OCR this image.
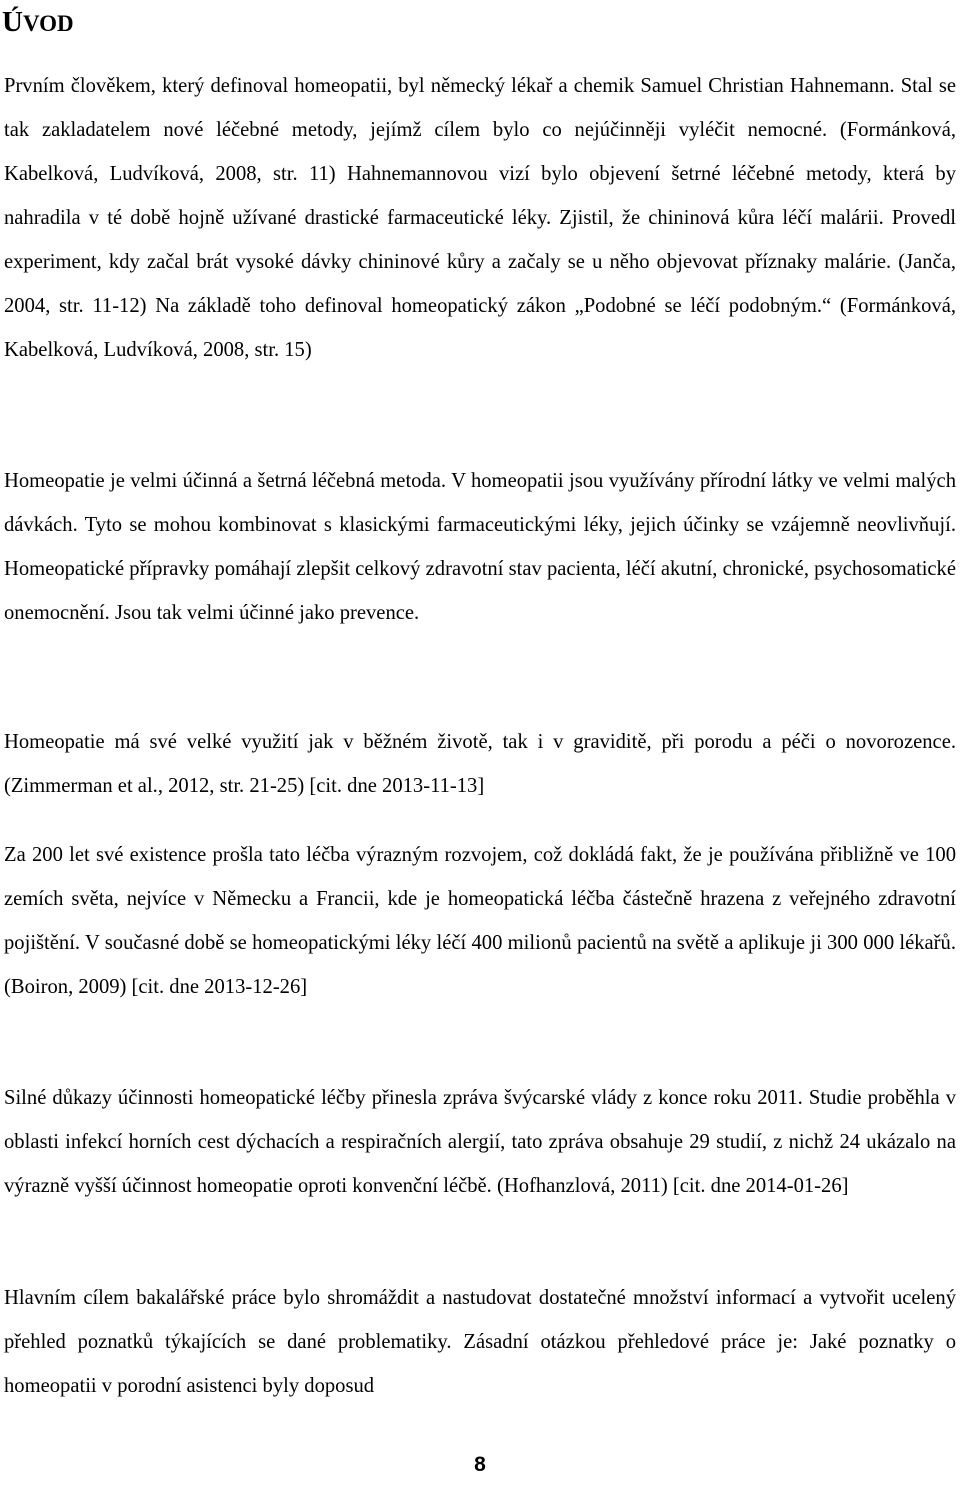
ÚVOD

Prvním člověkem, který definoval homeopatii, byl německý lékař a chemik Samuel Christian Hahnemann. Stal se tak zakladatelem nové léčebné metody, jejímž cílem bylo co nejúčinněji vyléčit nemocné. (Formánková, Kabelková, Ludvíková, 2008, str. 11) Hahnemannovou vizí bylo objevení šetrné léčebné metody, která by nahradila v té době hojně užívané drastické farmaceutické léky. Zjistil, že chininová kůra léčí malárii. Provedl experiment, kdy začal brát vysoké dávky chininové kůry a začaly se u něho objevovat příznaky malárie. (Janča, 2004, str. 11-12) Na základě toho definoval homeopatický zákon „Podobné se léčí podobným.“ (Formánková, Kabelková, Ludvíková, 2008, str. 15)

Homeopatie je velmi účinná a šetrná léčebná metoda. V homeopatii jsou využívány přírodní látky ve velmi malých dávkách. Tyto se mohou kombinovat s klasickými farmaceutickými léky, jejich účinky se vzájemně neovlivňují. Homeopatické přípravky pomáhají zlepšit celkový zdravotní stav pacienta, léčí akutní, chronické, psychosomatické onemocnění. Jsou tak velmi účinné jako prevence.

Homeopatie má své velké využití jak v běžném životě, tak i v graviditě, při porodu a péči o novorozence. (Zimmerman et al., 2012, str. 21-25) [cit. dne 2013-11-13]

Za 200 let své existence prošla tato léčba výrazným rozvojem, což dokládá fakt, že je používána přibližně ve 100 zemích světa, nejvíce v Německu a Francii, kde je homeopatická léčba částečně hrazena z veřejného zdravotní pojištění. V současné době se homeopatickými léky léčí 400 milionů pacientů na světě a aplikuje ji 300 000 lékařů. (Boiron, 2009) [cit. dne 2013-12-26]

Silné důkazy účinnosti homeopatické léčby přinesla zpráva švýcarské vlády z konce roku 2011. Studie proběhla v oblasti infekcí horních cest dýchacích a respiračních alergií, tato zpráva obsahuje 29 studií, z nichž 24 ukázalo na výrazně vyšší účinnost homeopatie oproti konvenční léčbě. (Hofhanzlová, 2011) [cit. dne 2014-01-26]

Hlavním cílem bakalářské práce bylo shromáždit a nastudovat dostatečné množství informací a vytvořit ucelený přehled poznatků týkajících se dané problematiky. Zásadní otázkou přehledové práce je: Jaké poznatky o homeopatii v porodní asistenci byly doposud

8
